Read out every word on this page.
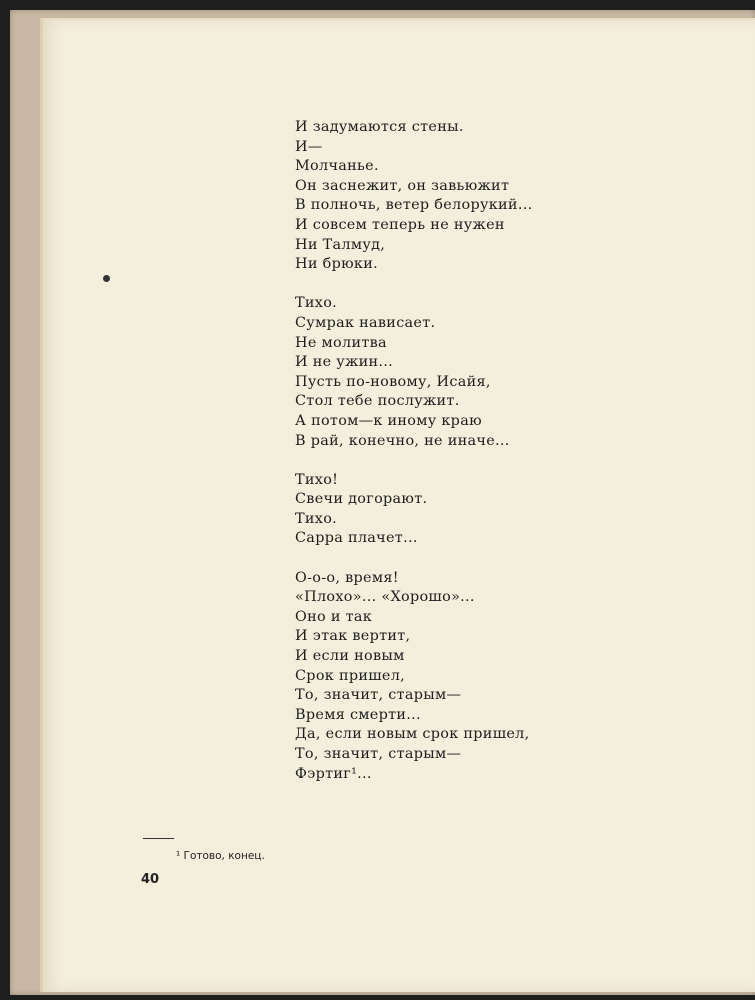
И задумаются стены.
И—
Молчанье.
Он заснежит, он завьюжит
В полночь, ветер белорукий...
И совсем теперь не нужен
Ни Талмуд,
Ни брюки.
Тихо.
Сумрак нависает.
Не молитва
И не ужин...
Пусть по-новому, Исайя,
Стол тебе послужит.
А потом—к иному краю
В рай, конечно, не иначе...
Тихо!
Свечи догорают.
Тихо.
Сарра плачет...
О-о-о, время!
«Плохо»... «Хорошо»...
Оно и так
И этак вертит,
И если новым
Срок пришел,
То, значит, старым—
Время смерти...
Да, если новым срок пришел,
То, значит, старым—
Фэртиг¹...
¹ Готово, конец.
40
